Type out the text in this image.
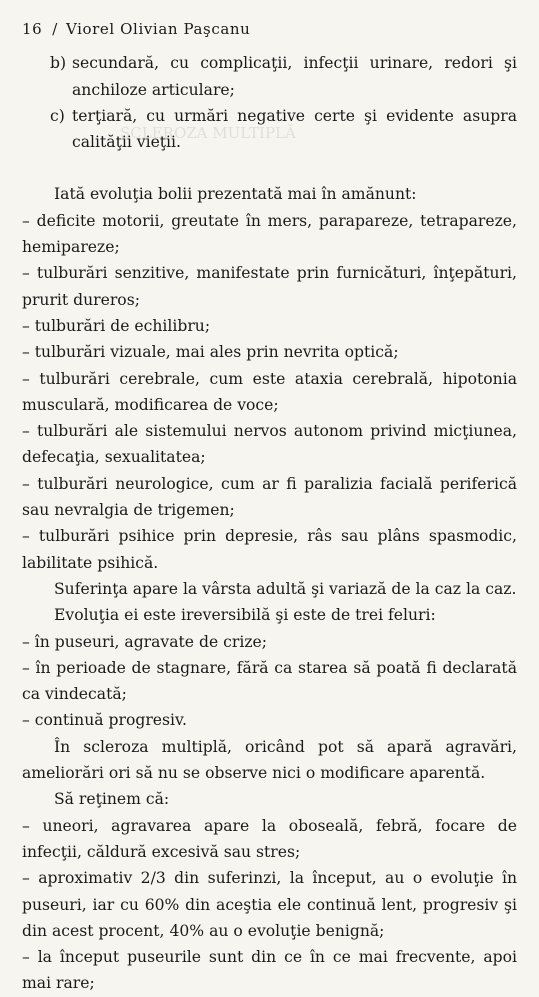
SCLEROZA MULTIPLĂ
16 / Viorel Olivian Paşcanu
b) secundară, cu complicaţii, infecţii urinare, redori şi anchiloze articulare;
c) terţiară, cu urmări negative certe şi evidente asupra calităţii vieţii.

Iată evoluţia bolii prezentată mai în amănunt:

– deficite motorii, greutate în mers, parapareze, tetrapareze, hemipareze;

– tulburări senzitive, manifestate prin furnicături, înţepături, prurit dureros;

– tulburări de echilibru;

– tulburări vizuale, mai ales prin nevrita optică;

– tulburări cerebrale, cum este ataxia cerebrală, hipotonia musculară, modificarea de voce;

– tulburări ale sistemului nervos autonom privind micţiunea, defecaţia, sexualitatea;

– tulburări neurologice, cum ar fi paralizia facială periferică sau nevralgia de trigemen;

– tulburări psihice prin depresie, râs sau plâns spasmodic, labilitate psihică.

Suferinţa apare la vârsta adultă şi variază de la caz la caz.

Evoluţia ei este ireversibilă şi este de trei feluri:

– în puseuri, agravate de crize;

– în perioade de stagnare, fără ca starea să poată fi declarată ca vindecată;

– continuă progresiv.

În scleroza multiplă, oricând pot să apară agravări, ameliorări ori să nu se observe nici o modificare aparentă.

Să reţinem că:

– uneori, agravarea apare la oboseală, febră, focare de infecţii, căldură excesivă sau stres;

– aproximativ 2/3 din suferinzi, la început, au o evoluţie în puseuri, iar cu 60% din aceştia ele continuă lent, progresiv şi din acest procent, 40% au o evoluţie benignă;

– la început puseurile sunt din ce în ce mai frecvente, apoi mai rare;
